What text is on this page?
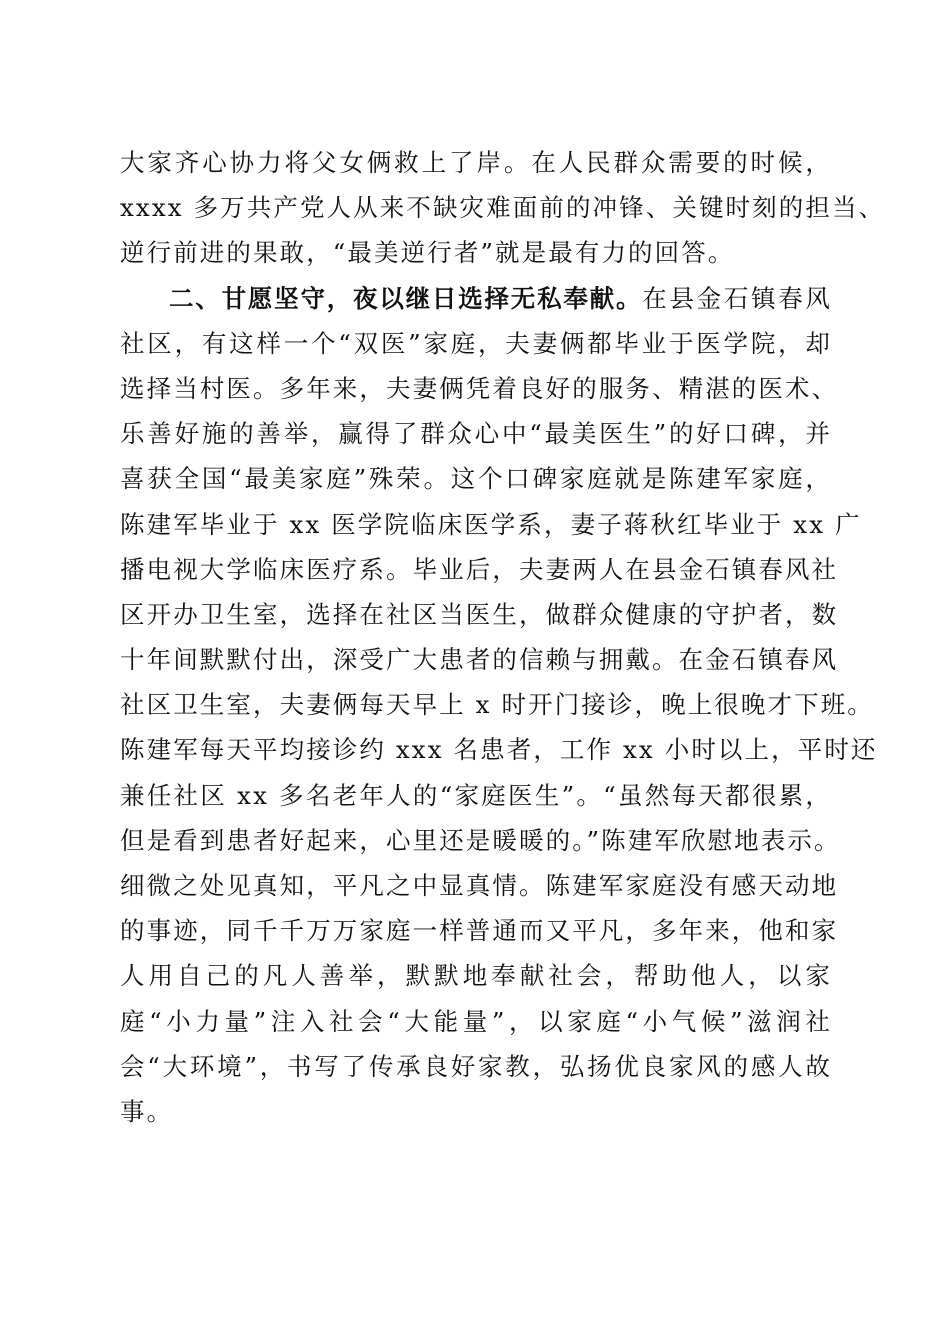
大家齐心协力将父女俩救上了岸。在人民群众需要的时候，
xxxx 多万共产党人从来不缺灾难面前的冲锋、关键时刻的担当、
逆行前进的果敢，“最美逆行者”就是最有力的回答。
二、甘愿坚守，夜以继日选择无私奉献。在县金石镇春风
社区，有这样一个“双医”家庭，夫妻俩都毕业于医学院，却
选择当村医。多年来，夫妻俩凭着良好的服务、精湛的医术、
乐善好施的善举，赢得了群众心中“最美医生”的好口碑，并
喜获全国“最美家庭”殊荣。这个口碑家庭就是陈建军家庭，
陈建军毕业于 xx 医学院临床医学系，妻子蒋秋红毕业于 xx 广
播电视大学临床医疗系。毕业后，夫妻两人在县金石镇春风社
区开办卫生室，选择在社区当医生，做群众健康的守护者，数
十年间默默付出，深受广大患者的信赖与拥戴。在金石镇春风
社区卫生室，夫妻俩每天早上 x 时开门接诊，晚上很晚才下班。
陈建军每天平均接诊约 xxx 名患者，工作 xx 小时以上，平时还
兼任社区 xx 多名老年人的“家庭医生”。“虽然每天都很累，
但是看到患者好起来，心里还是暖暖的。”陈建军欣慰地表示。
细微之处见真知，平凡之中显真情。陈建军家庭没有感天动地
的事迹，同千千万万家庭一样普通而又平凡，多年来，他和家
人用自己的凡人善举，默默地奉献社会，帮助他人，以家
庭“小力量”注入社会“大能量”，以家庭“小气候”滋润社
会“大环境”，书写了传承良好家教，弘扬优良家风的感人故
事。
